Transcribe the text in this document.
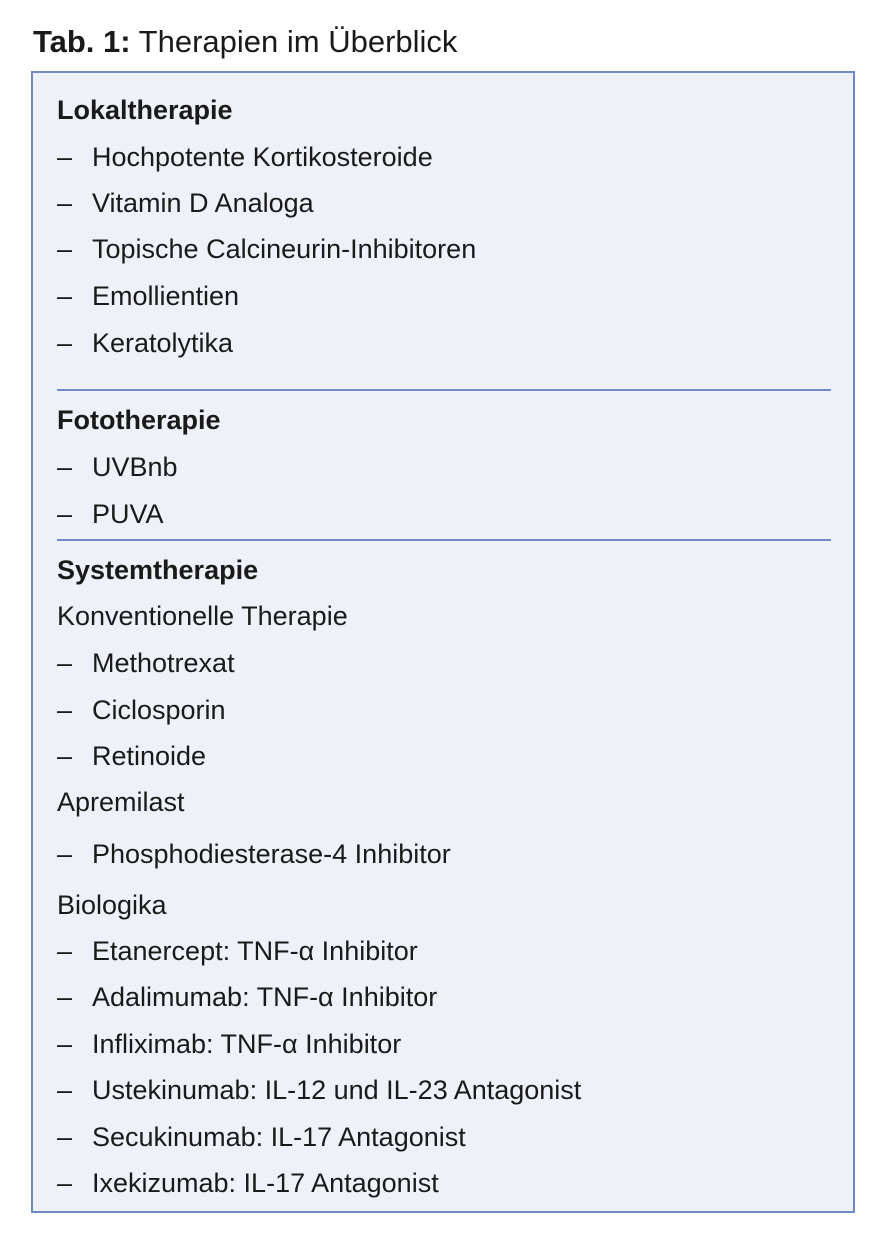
Tab. 1: Therapien im Überblick
Lokaltherapie
– Hochpotente Kortikosteroide
– Vitamin D Analoga
– Topische Calcineurin-Inhibitoren
– Emollientien
– Keratolytika
Fototherapie
– UVBnb
– PUVA
Systemtherapie
Konventionelle Therapie
– Methotrexat
– Ciclosporin
– Retinoide
Apremilast
– Phosphodiesterase-4 Inhibitor
Biologika
– Etanercept: TNF-α Inhibitor
– Adalimumab: TNF-α Inhibitor
– Infliximab: TNF-α Inhibitor
– Ustekinumab: IL-12 und IL-23 Antagonist
– Secukinumab: IL-17 Antagonist
– Ixekizumab: IL-17 Antagonist
